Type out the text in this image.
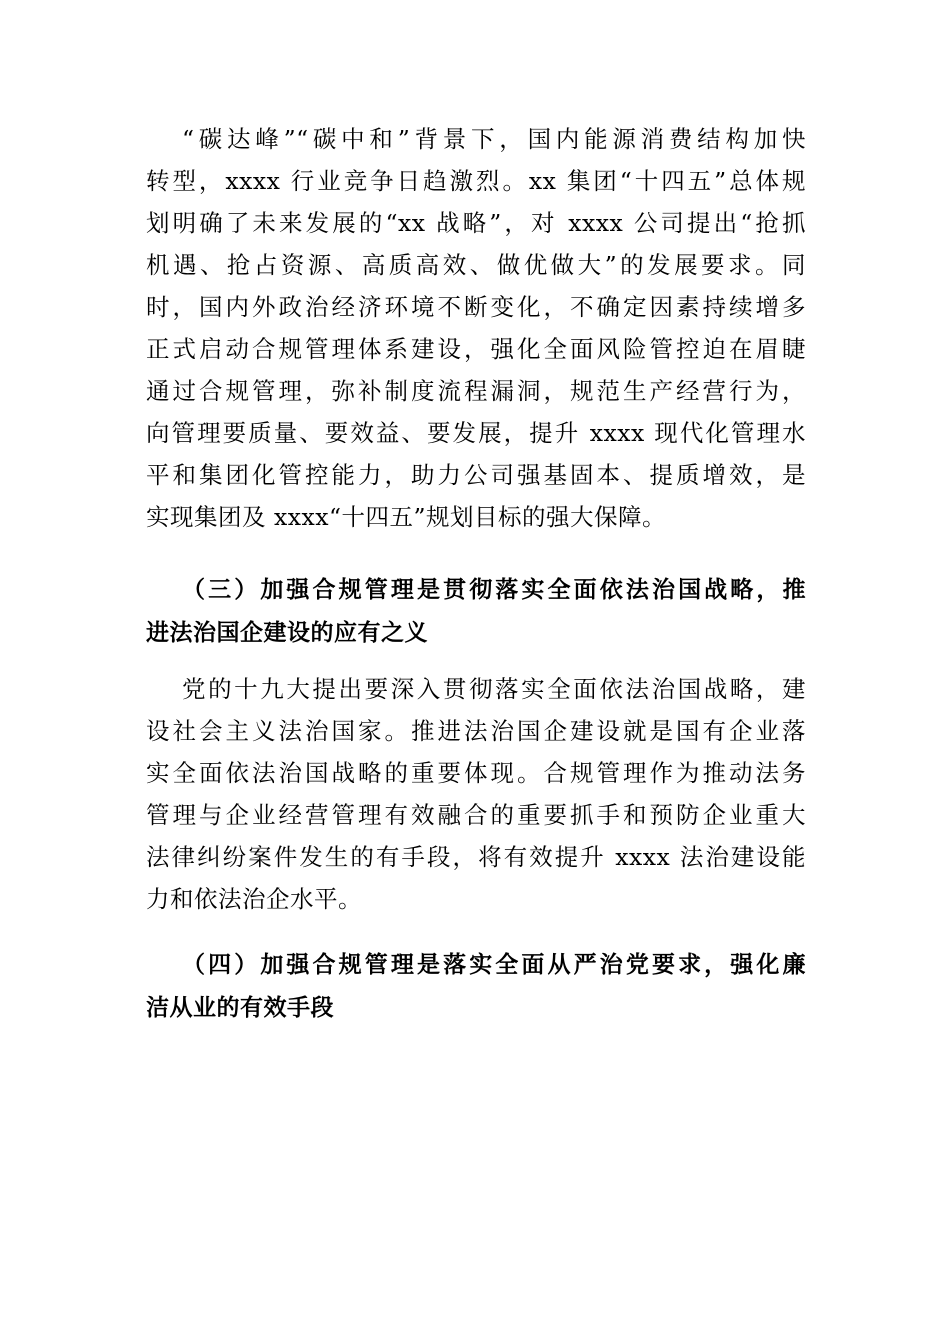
“碳达峰”“碳中和”背景下，国内能源消费结构加快
转型，xxxx 行业竞争日趋激烈。xx 集团“十四五”总体规
划明确了未来发展的“xx 战略”，对 xxxx 公司提出“抢抓
机遇、抢占资源、高质高效、做优做大”的发展要求。同
时，国内外政治经济环境不断变化，不确定因素持续增多
正式启动合规管理体系建设，强化全面风险管控迫在眉睫
通过合规管理，弥补制度流程漏洞，规范生产经营行为，
向管理要质量、要效益、要发展，提升 xxxx 现代化管理水
平和集团化管控能力，助力公司强基固本、提质增效，是
实现集团及 xxxx“十四五”规划目标的强大保障。
（三）加强合规管理是贯彻落实全面依法治国战略，推
进法治国企建设的应有之义
党的十九大提出要深入贯彻落实全面依法治国战略，建
设社会主义法治国家。推进法治国企建设就是国有企业落
实全面依法治国战略的重要体现。合规管理作为推动法务
管理与企业经营管理有效融合的重要抓手和预防企业重大
法律纠纷案件发生的有手段，将有效提升 xxxx 法治建设能
力和依法治企水平。
（四）加强合规管理是落实全面从严治党要求，强化廉
洁从业的有效手段
